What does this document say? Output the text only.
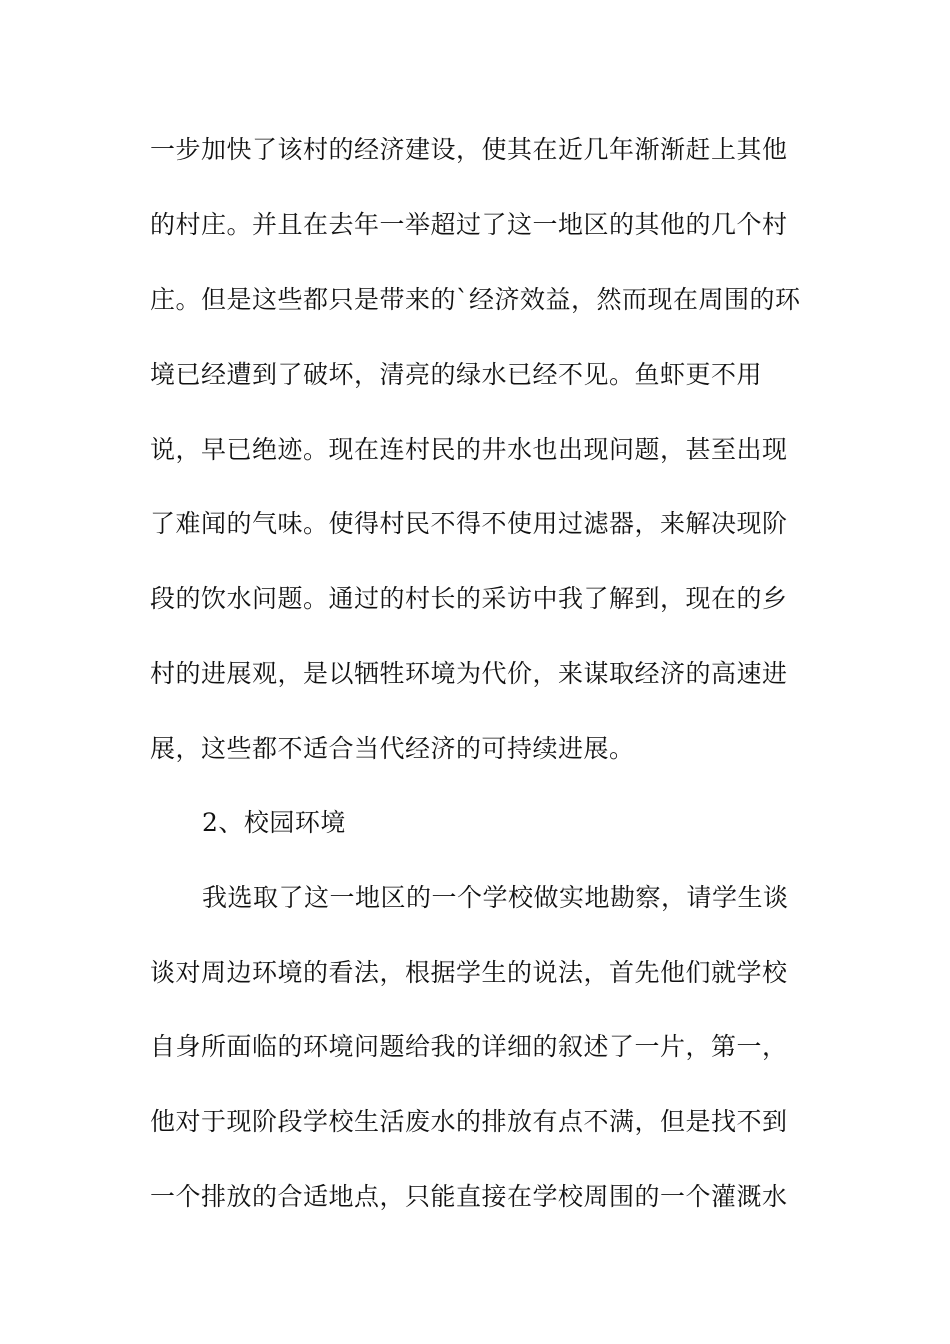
一步加快了该村的经济建设，使其在近几年渐渐赶上其他
的村庄。并且在去年一举超过了这一地区的其他的几个村
庄。但是这些都只是带来的`经济效益，然而现在周围的环
境已经遭到了破坏，清亮的绿水已经不见。鱼虾更不用
说，早已绝迹。现在连村民的井水也出现问题，甚至出现
了难闻的气味。使得村民不得不使用过滤器，来解决现阶
段的饮水问题。通过的村长的采访中我了解到，现在的乡
村的进展观，是以牺牲环境为代价，来谋取经济的高速进
展，这些都不适合当代经济的可持续进展。
2、校园环境
我选取了这一地区的一个学校做实地勘察，请学生谈
谈对周边环境的看法，根据学生的说法，首先他们就学校
自身所面临的环境问题给我的详细的叙述了一片，第一，
他对于现阶段学校生活废水的排放有点不满，但是找不到
一个排放的合适地点，只能直接在学校周围的一个灌溉水
